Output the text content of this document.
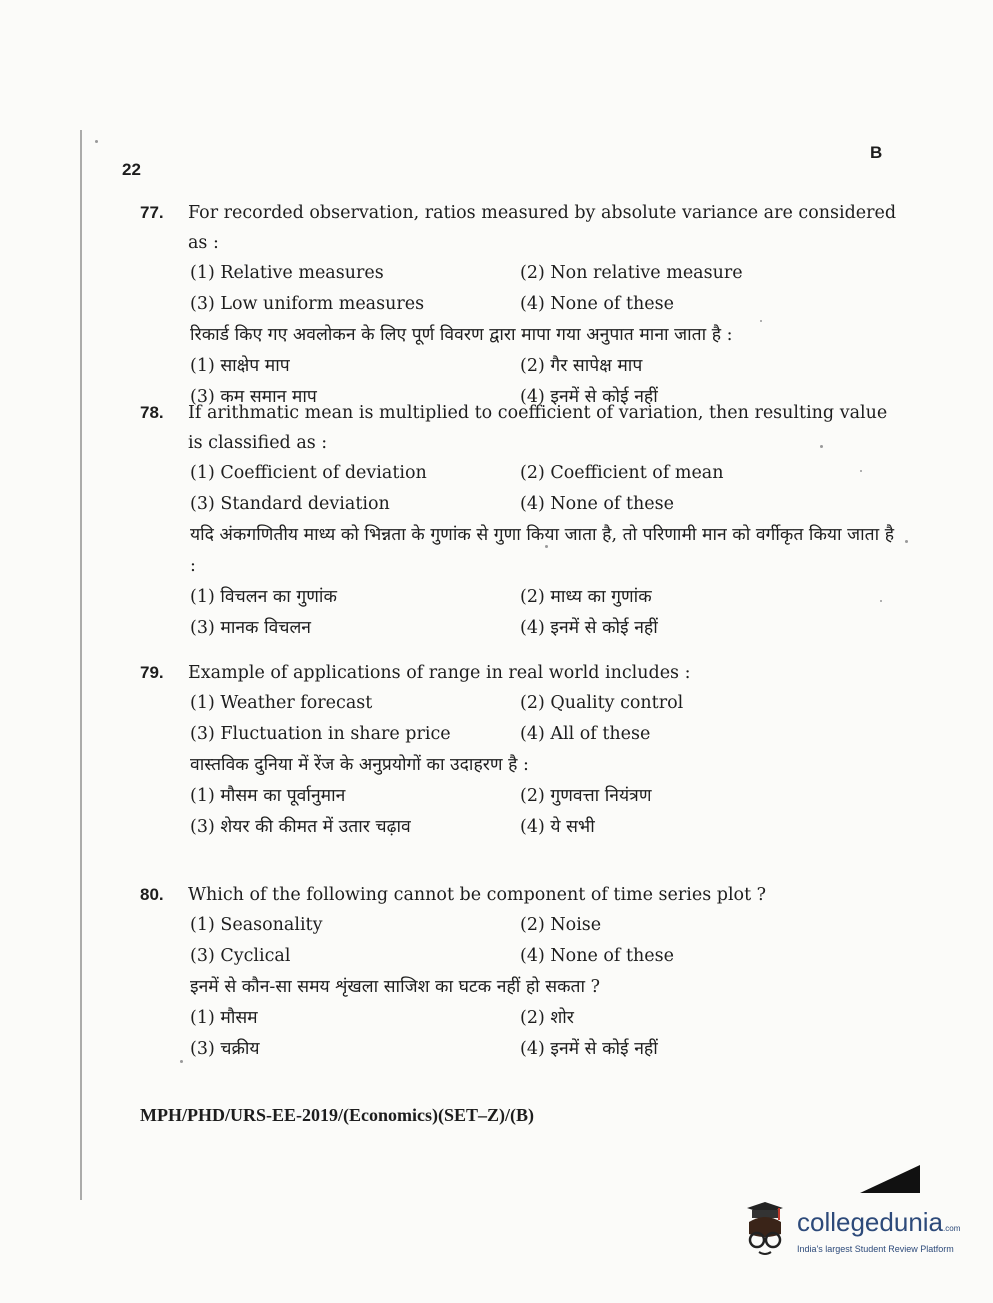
22
B
77.	For recorded observation, ratios measured by absolute variance are considered as :
(1) Relative measures	(2) Non relative measure
(3) Low uniform measures	(4) None of these
रिकार्ड किए गए अवलोकन के लिए पूर्ण विवरण द्वारा मापा गया अनुपात माना जाता है :
(1) साक्षेप माप	(2) गैर सापेक्ष माप
(3) कम समान माप	(4) इनमें से कोई नहीं
78.	If arithmatic mean is multiplied to coefficient of variation, then resulting value is classified as :
(1) Coefficient of deviation	(2) Coefficient of mean
(3) Standard deviation	(4) None of these
यदि अंकगणितीय माध्य को भिन्नता के गुणांक से गुणा किया जाता है, तो परिणामी मान को वर्गीकृत किया जाता है :
(1) विचलन का गुणांक	(2) माध्य का गुणांक
(3) मानक विचलन	(4) इनमें से कोई नहीं
79.	Example of applications of range in real world includes :
(1) Weather forecast	(2) Quality control
(3) Fluctuation in share price	(4) All of these
वास्तविक दुनिया में रेंज के अनुप्रयोगों का उदाहरण है :
(1) मौसम का पूर्वानुमान	(2) गुणवत्ता नियंत्रण
(3) शेयर की कीमत में उतार चढ़ाव	(4) ये सभी
80.	Which of the following cannot be component of time series plot ?
(1) Seasonality	(2) Noise
(3) Cyclical	(4) None of these
इनमें से कौन-सा समय शृंखला साजिश का घटक नहीं हो सकता ?
(1) मौसम	(2) शोर
(3) चक्रीय	(4) इनमें से कोई नहीं
MPH/PHD/URS-EE-2019/(Economics)(SET–Z)/(B)
collegedunia.com
India's largest Student Review Platform
